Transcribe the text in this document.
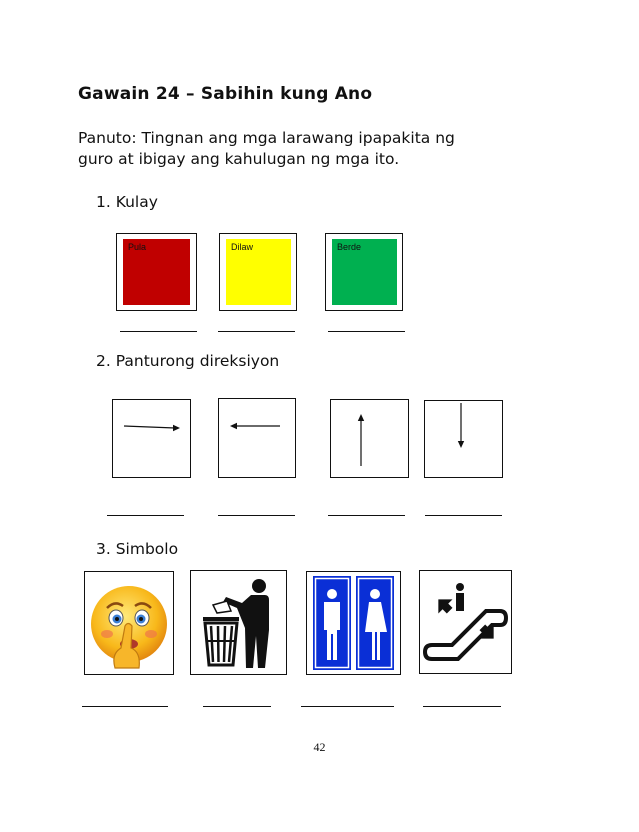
Gawain 24 – Sabihin kung Ano
Panuto: Tingnan ang mga larawang ipapakita ng
guro at ibigay ang kahulugan ng mga ito.
1. Kulay
Pula	Dilaw	Berde
2. Panturong direksiyon
3. Simbolo
42
